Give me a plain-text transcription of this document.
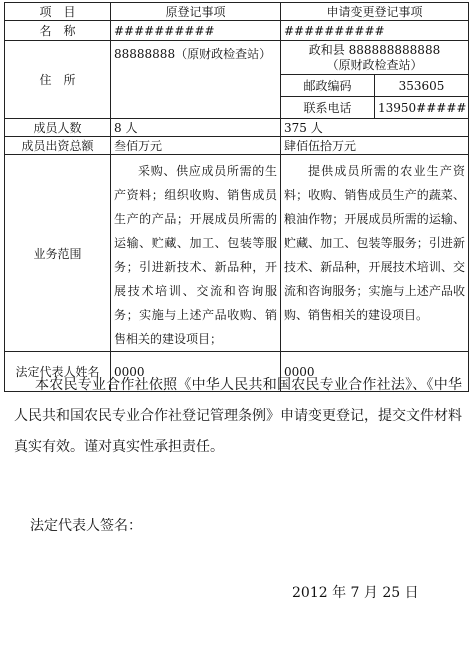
项　目	原登记事项	申请变更登记事项	
名　称	##########	##########	
住　所	88888888（原财政检查站）	政和县 888888888888
（原财政检查站）	

		邮政编码	353605
		联系电话	13950#####
成员人数	8 人	375 人	
成员出资总额	叁佰万元	肆佰伍拾万元	
业务范围	采购、供应成员所需的生产资料；组织收购、销售成员生产的产品；开展成员所需的运输、贮藏、加工、包装等服务；引进新技术、新品种，开展技术培训、交流和咨询服务；实施与上述产品收购、销售相关的建设项目；	提供成员所需的农业生产资料；收购、销售成员生产的蔬菜、粮油作物；开展成员所需的运输、贮藏、加工、包装等服务；引进新技术、新品种，开展技术培训、交流和咨询服务；实施与上述产品收购、销售相关的建设项目。	

法定代表人姓名	0000	0000	

本农民专业合作社依照《中华人民共和国农民专业合作社法》、《中华人民共和国农民专业合作社登记管理条例》申请变更登记，提交文件材料真实有效。谨对真实性承担责任。

法定代表人签名：
2012 年 7 月 25 日
